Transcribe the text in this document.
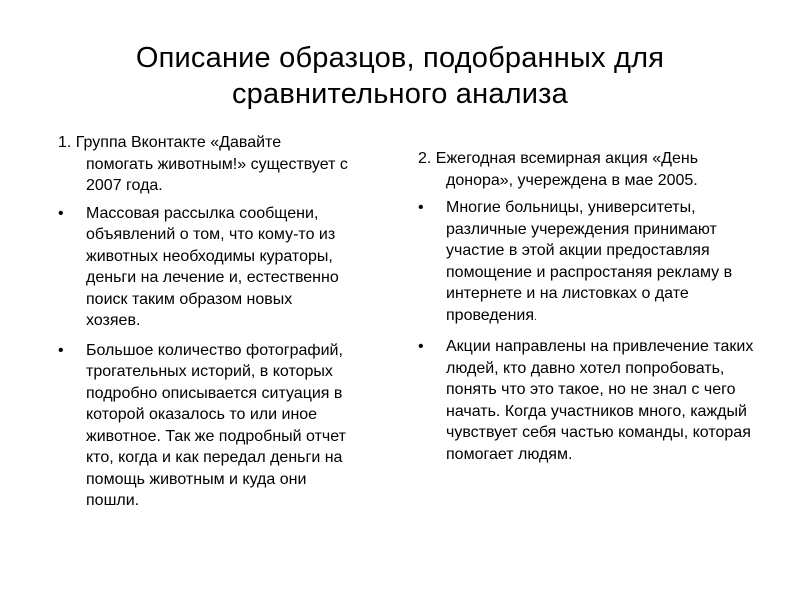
Описание образцов, подобранных для сравнительного анализа

1. Группа Вконтакте «Давайте помогать животным!» существует с 2007 года.

•	Массовая рассылка сообщени, объявлений о том, что кому-то из животных необходимы кураторы, деньги на лечение и, естественно поиск таким образом новых хозяев.
•	Большое количество фотографий, трогательных историй, в которых подробно описывается ситуация в которой оказалось то или иное животное. Так же подробный отчет кто, когда и как передал деньги на помощь животным и куда они пошли.

2. Ежегодная всемирная акция «День донора», учереждена в мае 2005.

•	Многие больницы, университеты, различные учереждения принимают участие в этой акции предоставляя помощение и распростаняя рекламу в интернете и на листовках о дате проведения.
•	Акции направлены на привлечение таких людей, кто давно хотел попробовать, понять что это такое, но не знал с чего начать. Когда участников много, каждый чувствует себя частью команды, которая помогает людям.
